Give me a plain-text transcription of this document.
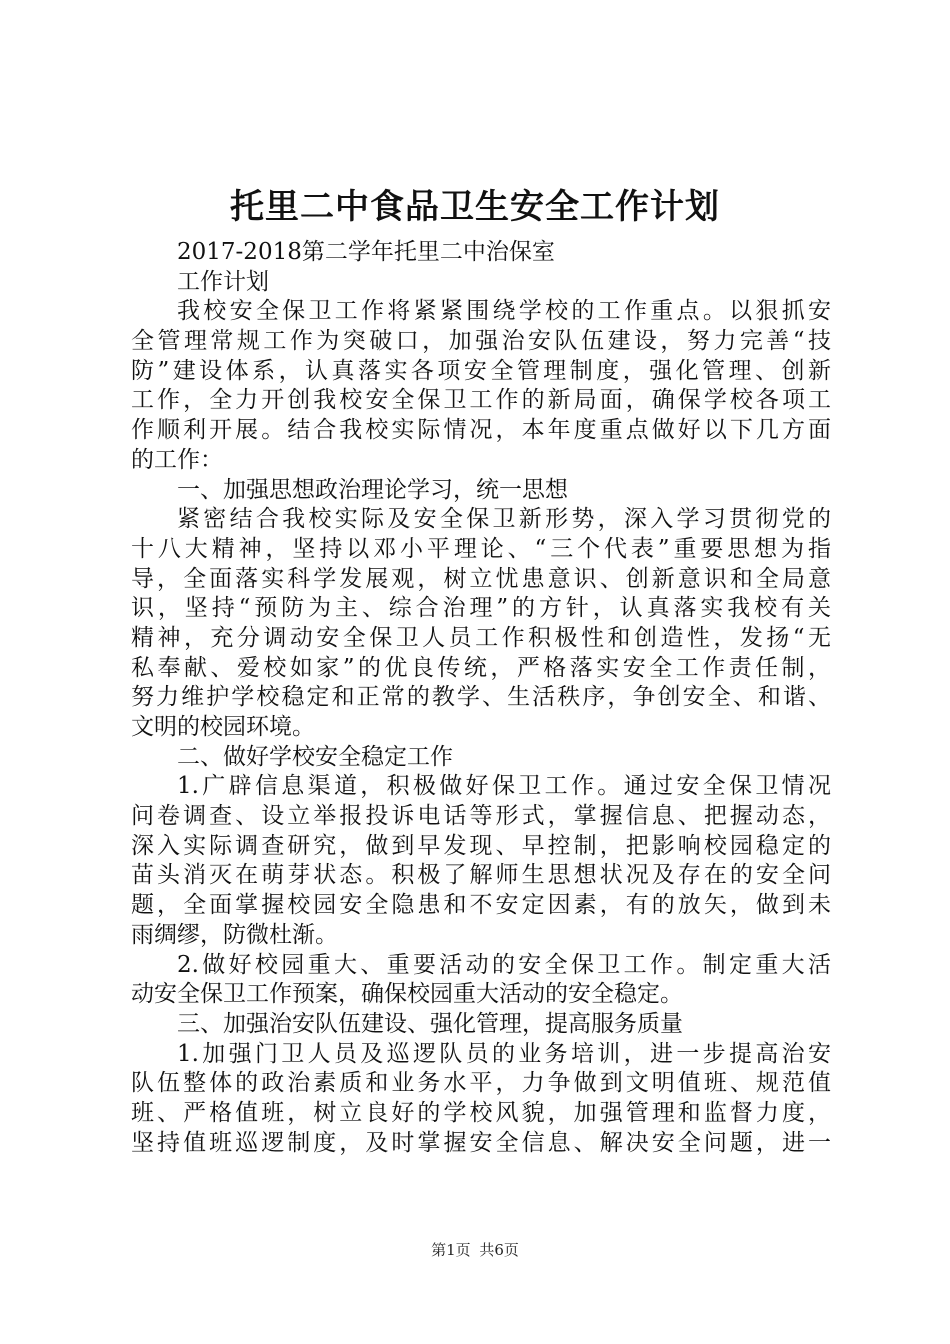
托里二中食品卫生安全工作计划
2017-2018第二学年托里二中治保室
工作计划
我校安全保卫工作将紧紧围绕学校的工作重点。以狠抓安
全管理常规工作为突破口，加强治安队伍建设，努力完善“技
防”建设体系，认真落实各项安全管理制度，强化管理、创新
工作，全力开创我校安全保卫工作的新局面，确保学校各项工
作顺利开展。结合我校实际情况，本年度重点做好以下几方面
的工作：
一、加强思想政治理论学习，统一思想
紧密结合我校实际及安全保卫新形势，深入学习贯彻党的
十八大精神，坚持以邓小平理论、“三个代表”重要思想为指
导，全面落实科学发展观，树立忧患意识、创新意识和全局意
识，坚持“预防为主、综合治理”的方针，认真落实我校有关
精神，充分调动安全保卫人员工作积极性和创造性，发扬“无
私奉献、爱校如家”的优良传统，严格落实安全工作责任制，
努力维护学校稳定和正常的教学、生活秩序，争创安全、和谐、
文明的校园环境。
二、做好学校安全稳定工作
1.广辟信息渠道，积极做好保卫工作。通过安全保卫情况
问卷调查、设立举报投诉电话等形式，掌握信息、把握动态，
深入实际调查研究，做到早发现、早控制，把影响校园稳定的
苗头消灭在萌芽状态。积极了解师生思想状况及存在的安全问
题，全面掌握校园安全隐患和不安定因素，有的放矢，做到未
雨绸缪，防微杜渐。
2.做好校园重大、重要活动的安全保卫工作。制定重大活
动安全保卫工作预案，确保校园重大活动的安全稳定。
三、加强治安队伍建设、强化管理，提高服务质量
1.加强门卫人员及巡逻队员的业务培训，进一步提高治安
队伍整体的政治素质和业务水平，力争做到文明值班、规范值
班、严格值班，树立良好的学校风貌，加强管理和监督力度，
坚持值班巡逻制度，及时掌握安全信息、解决安全问题，进一
第1页 共6页
